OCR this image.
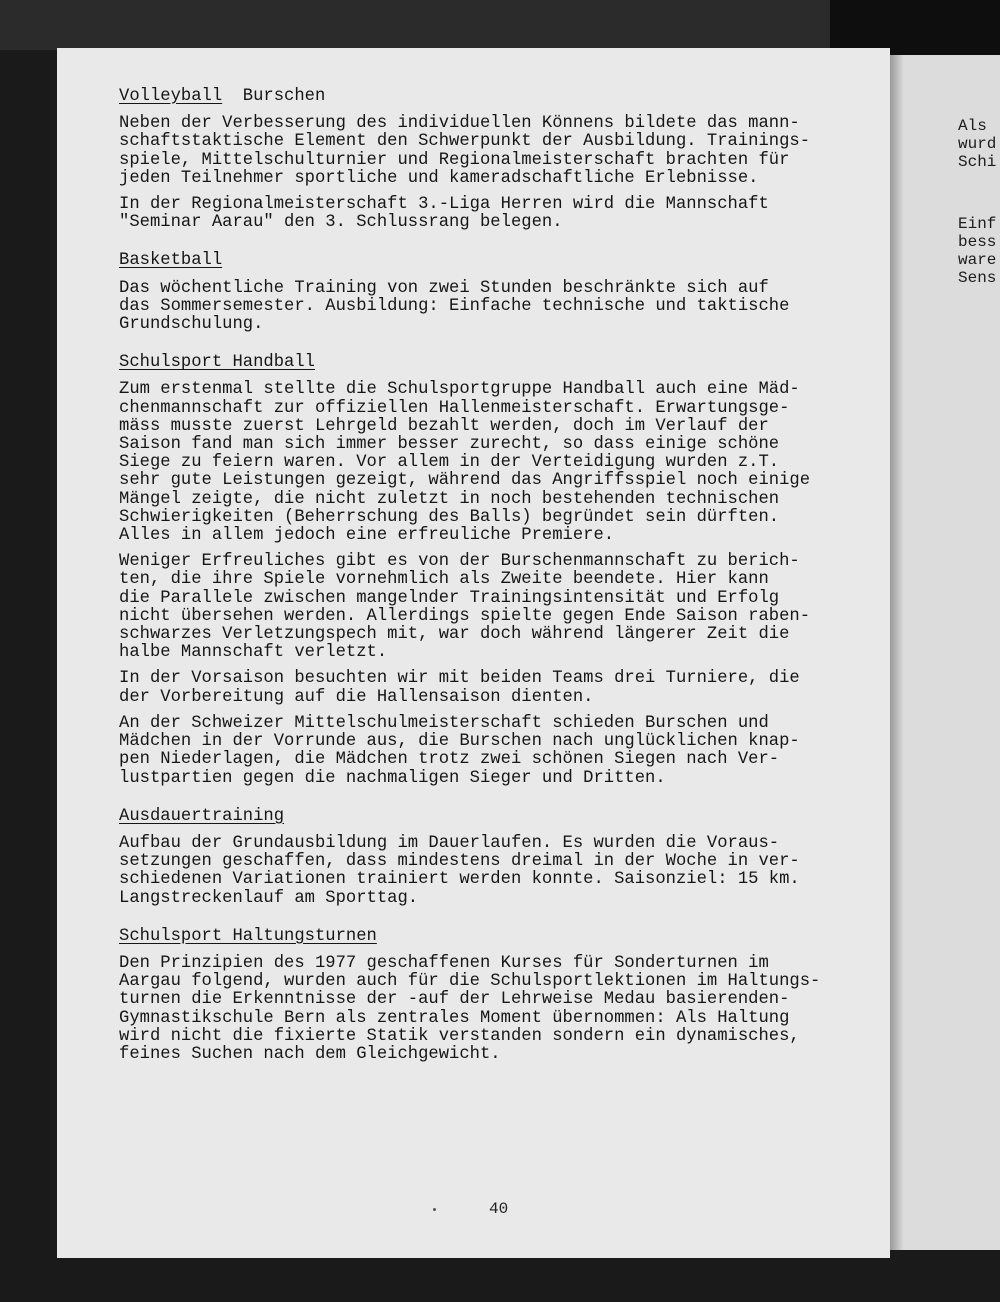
Volleyball  Burschen

Neben der Verbesserung des individuellen Könnens bildete das mann-
schaftstaktische Element den Schwerpunkt der Ausbildung. Trainings-
spiele, Mittelschulturnier und Regionalmeisterschaft brachten für
jeden Teilnehmer sportliche und kameradschaftliche Erlebnisse.

In der Regionalmeisterschaft 3.-Liga Herren wird die Mannschaft
"Seminar Aarau" den 3. Schlussrang belegen.

Basketball

Das wöchentliche Training von zwei Stunden beschränkte sich auf
das Sommersemester. Ausbildung: Einfache technische und taktische
Grundschulung.

Schulsport Handball

Zum erstenmal stellte die Schulsportgruppe Handball auch eine Mäd-
chenmannschaft zur offiziellen Hallenmeisterschaft. Erwartungsge-
mäss musste zuerst Lehrgeld bezahlt werden, doch im Verlauf der
Saison fand man sich immer besser zurecht, so dass einige schöne
Siege zu feiern waren. Vor allem in der Verteidigung wurden z.T.
sehr gute Leistungen gezeigt, während das Angriffsspiel noch einige
Mängel zeigte, die nicht zuletzt in noch bestehenden technischen
Schwierigkeiten (Beherrschung des Balls) begründet sein dürften.
Alles in allem jedoch eine erfreuliche Premiere.

Weniger Erfreuliches gibt es von der Burschenmannschaft zu berich-
ten, die ihre Spiele vornehmlich als Zweite beendete. Hier kann
die Parallele zwischen mangelnder Trainingsintensität und Erfolg
nicht übersehen werden. Allerdings spielte gegen Ende Saison raben-
schwarzes Verletzungspech mit, war doch während längerer Zeit die
halbe Mannschaft verletzt.

In der Vorsaison besuchten wir mit beiden Teams drei Turniere, die
der Vorbereitung auf die Hallensaison dienten.

An der Schweizer Mittelschulmeisterschaft schieden Burschen und
Mädchen in der Vorrunde aus, die Burschen nach unglücklichen knap-
pen Niederlagen, die Mädchen trotz zwei schönen Siegen nach Ver-
lustpartien gegen die nachmaligen Sieger und Dritten.

Ausdauertraining

Aufbau der Grundausbildung im Dauerlaufen. Es wurden die Voraus-
setzungen geschaffen, dass mindestens dreimal in der Woche in ver-
schiedenen Variationen trainiert werden konnte. Saisonziel: 15 km.
Langstreckenlauf am Sporttag.

Schulsport Haltungsturnen

Den Prinzipien des 1977 geschaffenen Kurses für Sonderturnen im
Aargau folgend, wurden auch für die Schulsportlektionen im Haltungs-
turnen die Erkenntnisse der -auf der Lehrweise Medau basierenden-
Gymnastikschule Bern als zentrales Moment übernommen: Als Haltung
wird nicht die fixierte Statik verstanden sondern ein dynamisches,
feines Suchen nach dem Gleichgewicht.

40

Als
wurd
Schi

Einf
bess
ware
Sens
